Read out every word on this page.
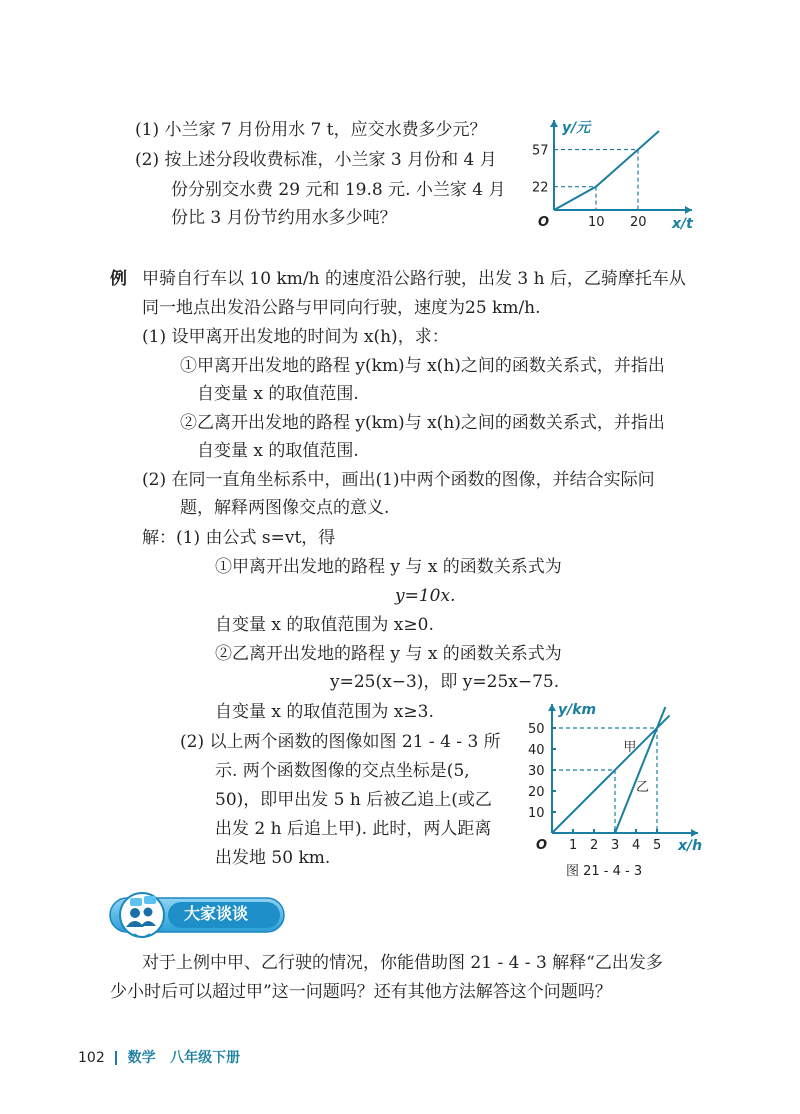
(1) 小兰家 7 月份用水 7 t，应交水费多少元？
(2) 按上述分段收费标准，小兰家 3 月份和 4 月
份分别交水费 29 元和 19.8 元. 小兰家 4 月
份比 3 月份节约用水多少吨？
y/元
x/t
O	10
22
20
57
例 甲骑自行车以 10 km/h 的速度沿公路行驶，出发 3 h 后，乙骑摩托车从
同一地点出发沿公路与甲同向行驶，速度为25 km/h.
(1) 设甲离开出发地的时间为 x(h)，求：
①甲离开出发地的路程 y(km)与 x(h)之间的函数关系式，并指出
自变量 x 的取值范围.
②乙离开出发地的路程 y(km)与 x(h)之间的函数关系式，并指出
自变量 x 的取值范围.
(2) 在同一直角坐标系中，画出(1)中两个函数的图像，并结合实际问
题，解释两图像交点的意义.
解：(1) 由公式 s=vt，得
①甲离开出发地的路程 y 与 x 的函数关系式为
y=10x.
自变量 x 的取值范围为 x≥0.
②乙离开出发地的路程 y 与 x 的函数关系式为
y=25(x−3)，即 y=25x−75.
自变量 x 的取值范围为 x≥3.
(2) 以上两个函数的图像如图 21 - 4 - 3 所
示. 两个函数图像的交点坐标是(5,
50)，即甲出发 5 h 后被乙追上(或乙
出发 2 h 后追上甲). 此时，两人距离
出发地 50 km.
y/km
x/h
O 1 2 3 4 5
10
20
30
40
50
甲
乙
图 21 - 4 - 3
大家谈谈
对于上例中甲、乙行驶的情况，你能借助图 21 - 4 - 3 解释“乙出发多
少小时后可以超过甲”这一问题吗？还有其他方法解答这个问题吗？
102 数学 八年级下册
